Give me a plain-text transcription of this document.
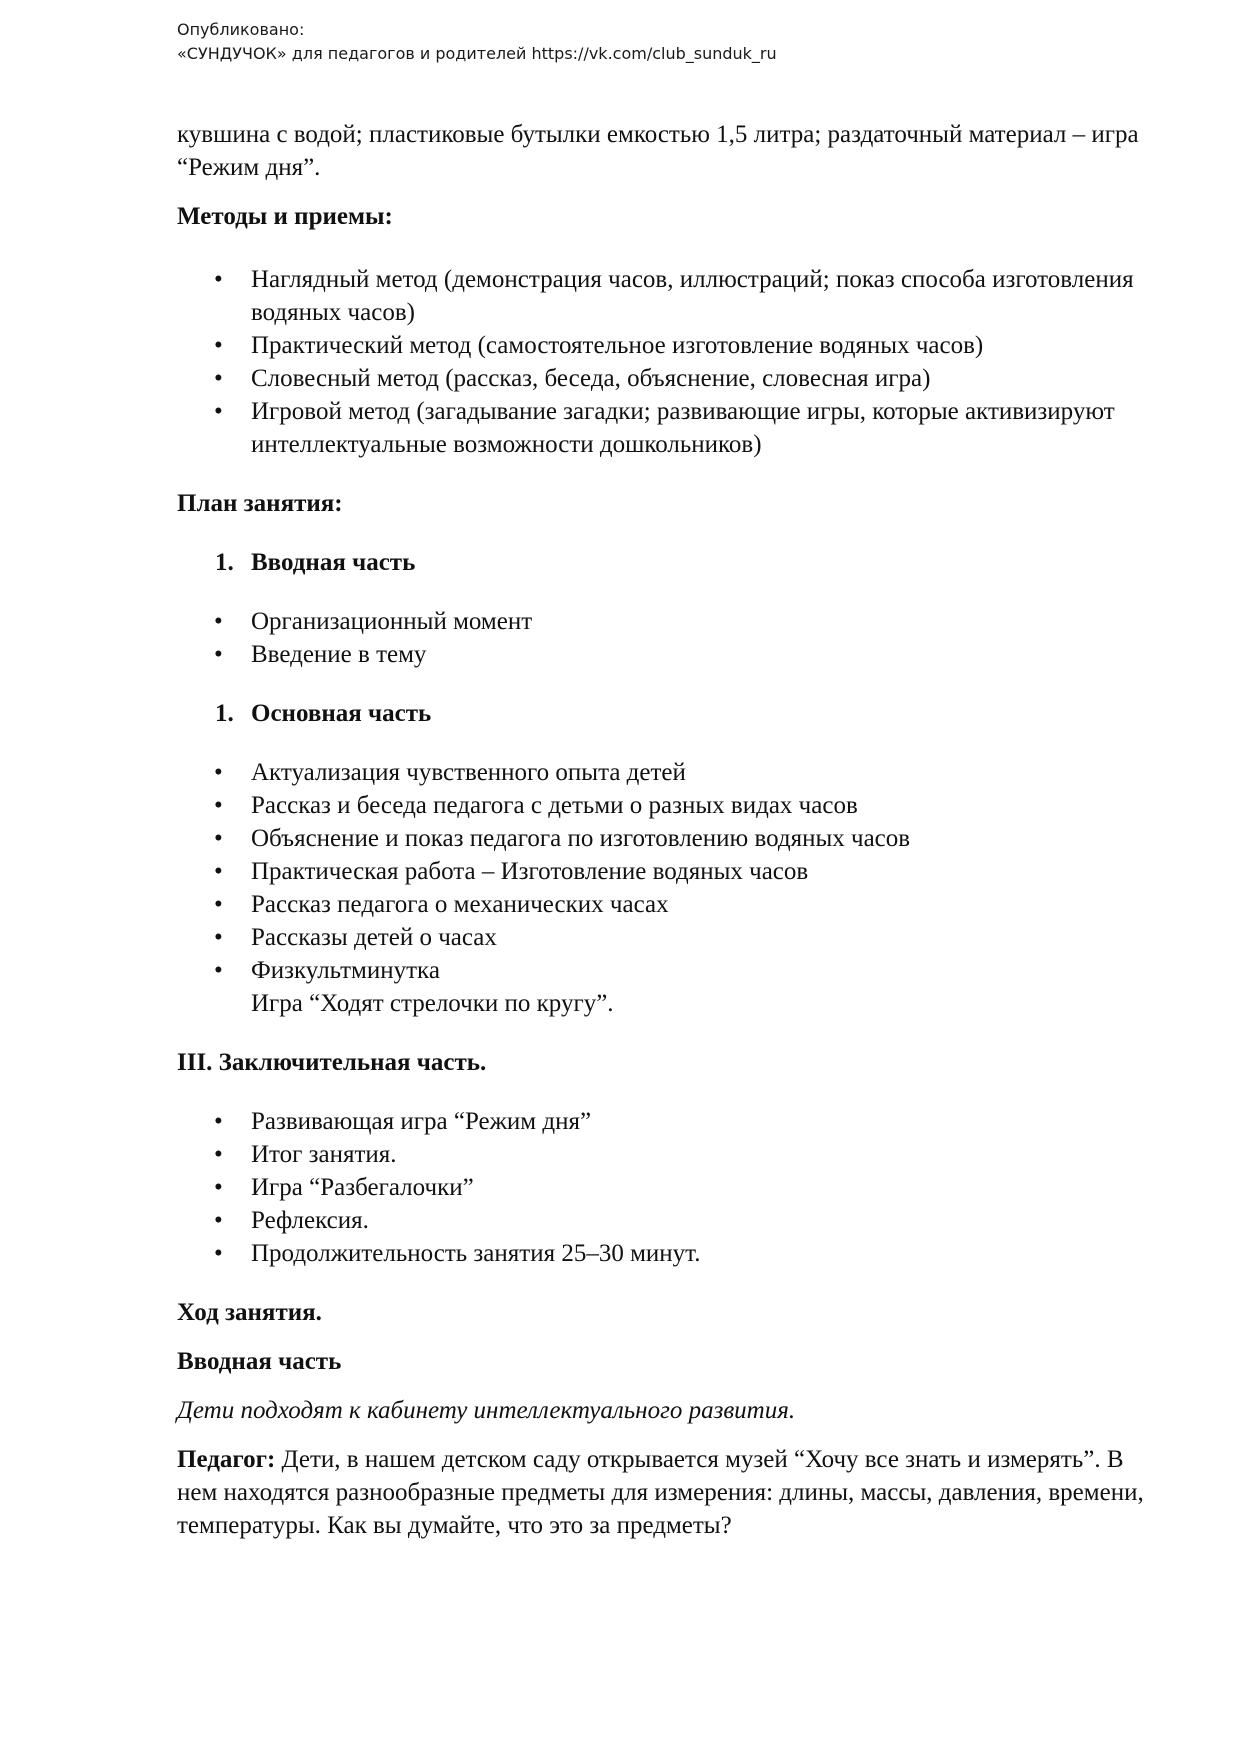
Опубликовано:
«СУНДУЧОК» для педагогов и родителей https://vk.com/club_sunduk_ru

кувшина с водой; пластиковые бутылки емкостью 1,5 литра; раздаточный материал – игра “Режим дня”.

Методы и приемы:

• Наглядный метод (демонстрация часов, иллюстраций; показ способа изготовления водяных часов)
• Практический метод (самостоятельное изготовление водяных часов)
• Словесный метод (рассказ, беседа, объяснение, словесная игра)
• Игровой метод (загадывание загадки; развивающие игры, которые активизируют интеллектуальные возможности дошкольников)

План занятия:

1. Вводная часть
• Организационный момент
• Введение в тему
1. Основная часть
• Актуализация чувственного опыта детей
• Рассказ и беседа педагога с детьми о разных видах часов
• Объяснение и показ педагога по изготовлению водяных часов
• Практическая работа – Изготовление водяных часов
• Рассказ педагога о механических часах
• Рассказы детей о часах
• Физкультминутка
Игра “Ходят стрелочки по кругу”.

III. Заключительная часть.

• Развивающая игра “Режим дня”
• Итог занятия.
• Игра “Разбегалочки”
• Рефлексия.
• Продолжительность занятия 25–30 минут.

Ход занятия.

Вводная часть

Дети подходят к кабинету интеллектуального развития.

Педагог: Дети, в нашем детском саду открывается музей “Хочу все знать и измерять”. В нем находятся разнообразные предметы для измерения: длины, массы, давления, времени, температуры. Как вы думайте, что это за предметы?
